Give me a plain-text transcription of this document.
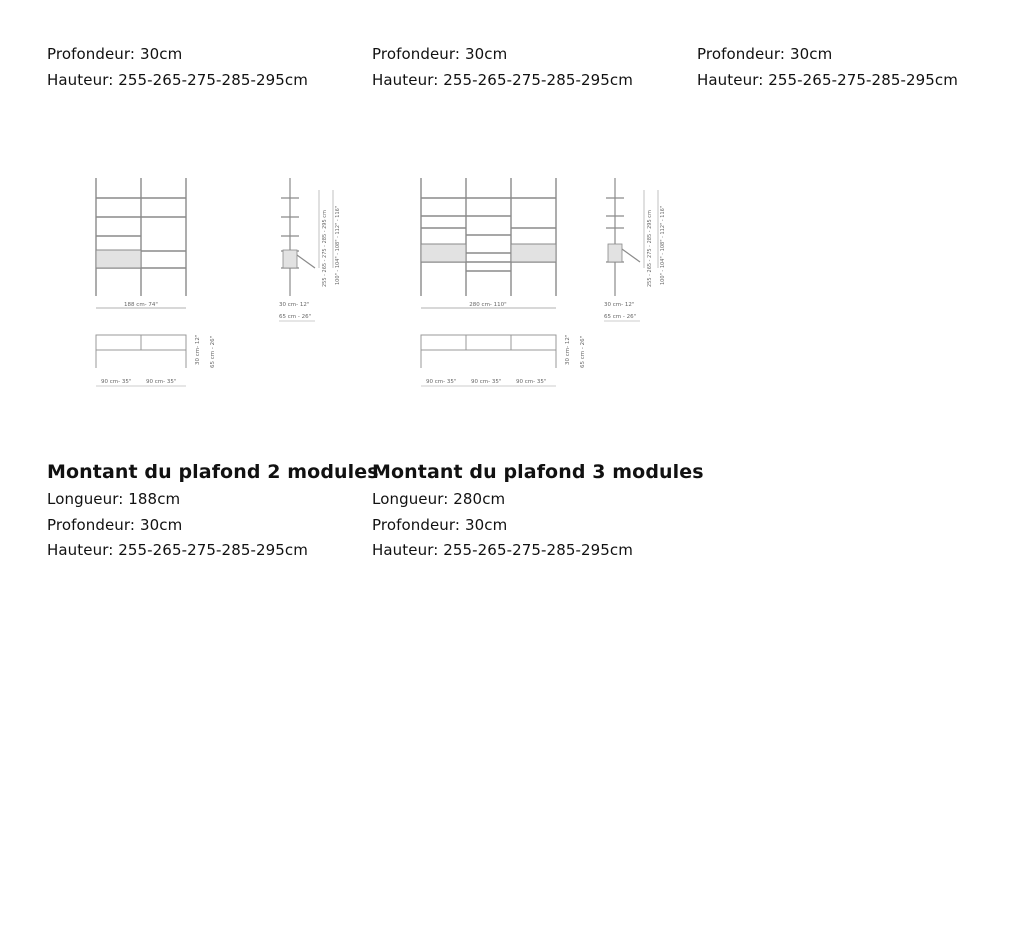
Profondeur: 30cm
Hauteur: 255-265-275-285-295cm
Profondeur: 30cm
Hauteur: 255-265-275-285-295cm
Profondeur: 30cm
Hauteur: 255-265-275-285-295cm
188 cm- 74"
255 - 265 - 275 - 285 - 295 cm 100" - 104" - 108" - 112" - 116"
30 cm- 12"
65 cm - 26"
90 cm- 35"	90 cm- 35"
30 cm- 12" 65 cm - 26"
280 cm- 110"
255 - 265 - 275 - 285 - 295 cm 100" - 104" - 108" - 112" - 116"
30 cm- 12"
65 cm - 26"
90 cm- 35"	90 cm- 35"	90 cm- 35"
30 cm- 12" 65 cm - 26"
Montant du plafond 2 modules
Longueur: 188cm
Profondeur: 30cm
Hauteur: 255-265-275-285-295cm
Montant du plafond 3 modules
Longueur: 280cm
Profondeur: 30cm
Hauteur: 255-265-275-285-295cm
